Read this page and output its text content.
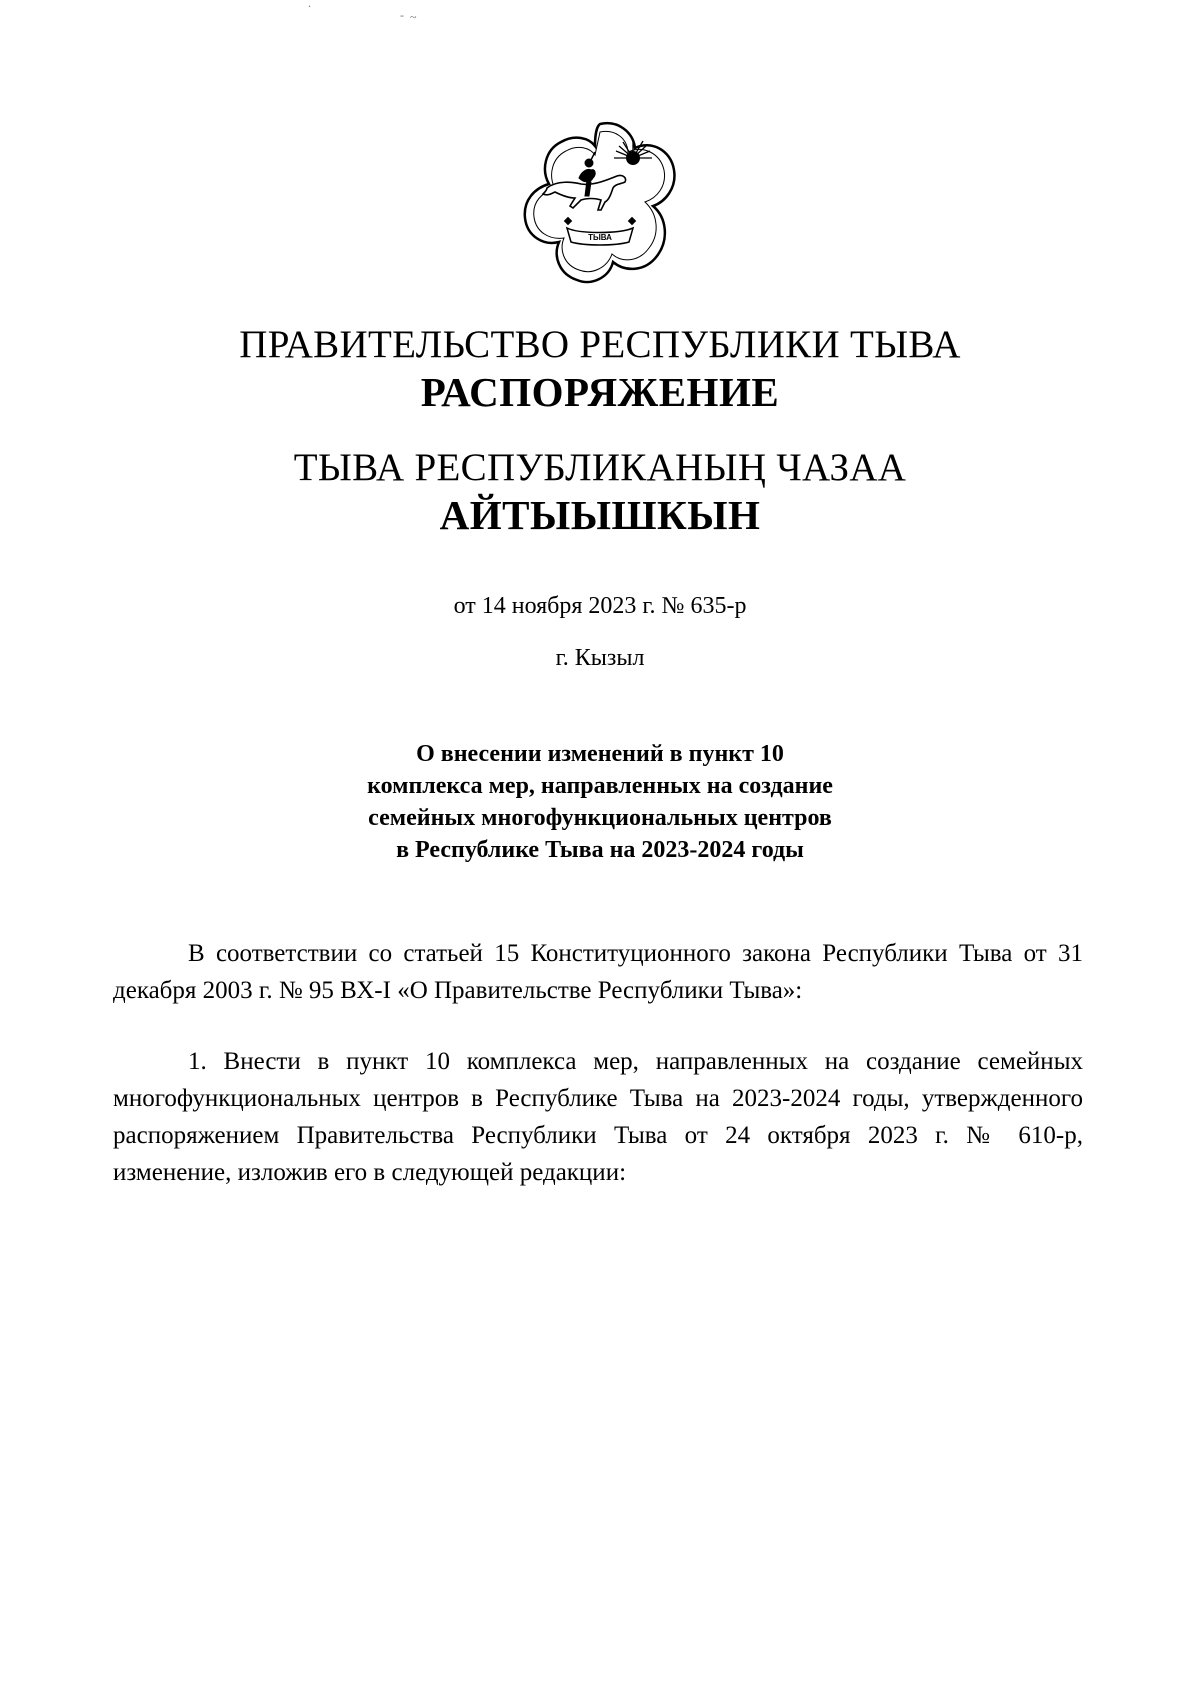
.
- ~
ТЫВА
ПРАВИТЕЛЬСТВО РЕСПУБЛИКИ ТЫВА
РАСПОРЯЖЕНИЕ
ТЫВА РЕСПУБЛИКАНЫҢ ЧАЗАА
АЙТЫЫШКЫН
от 14 ноября 2023 г. № 635-р
г. Кызыл
О внесении изменений в пункт 10
комплекса мер, направленных на создание
семейных многофункциональных центров
в Республике Тыва на 2023-2024 годы

В соответствии со статьей 15 Конституционного закона Республики Тыва от 31 декабря 2003 г. № 95 ВХ-I «О Правительстве Республики Тыва»:

1. Внести в пункт 10 комплекса мер, направленных на создание семейных многофункциональных центров в Республике Тыва на 2023-2024 годы, утвержденного распоряжением Правительства Республики Тыва от 24 октября 2023 г. № 610-р, изменение, изложив его в следующей редакции:
